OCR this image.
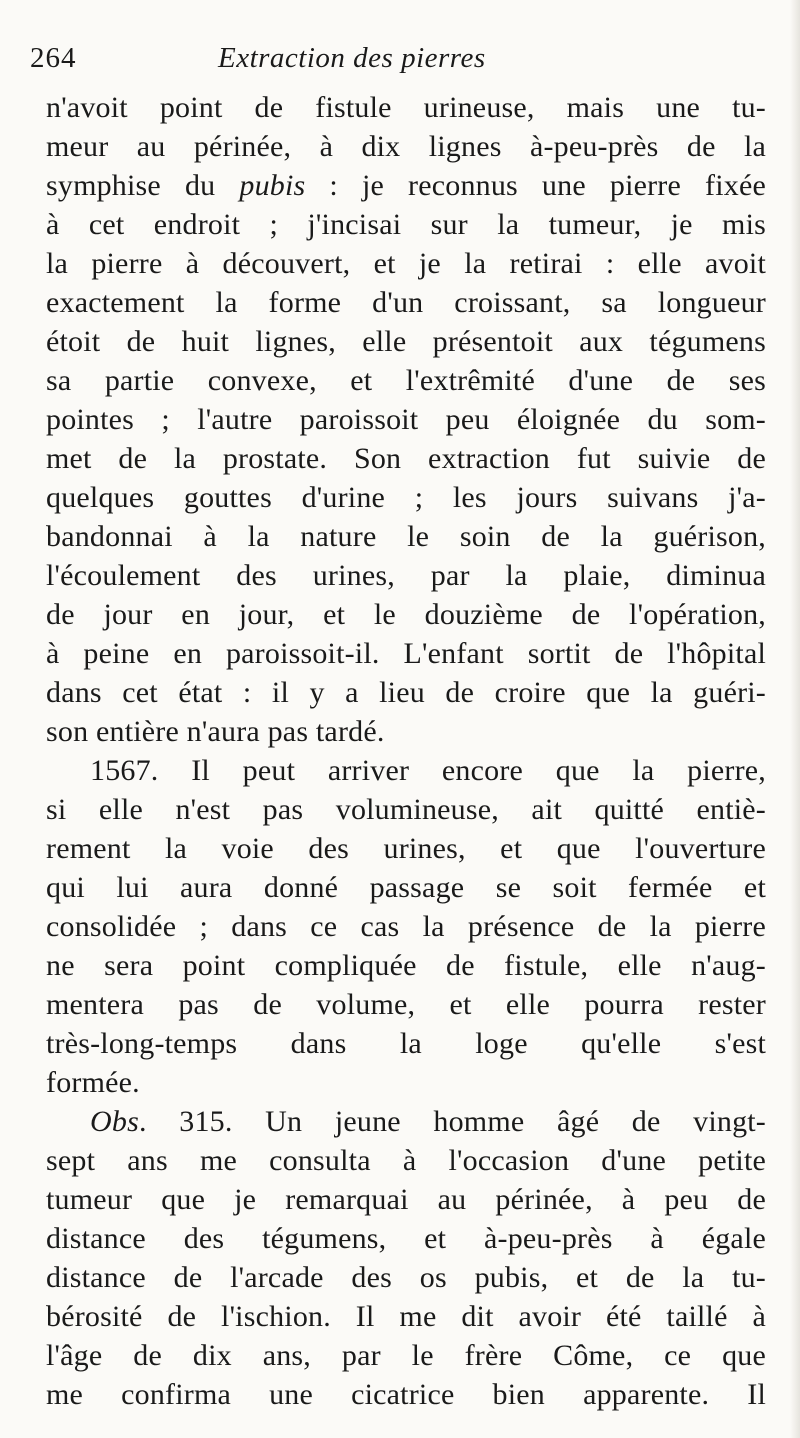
264	Extraction des pierres
n'avoit point de fistule urineuse, mais une tu-
meur au périnée, à dix lignes à-peu-près de la
symphise du pubis : je reconnus une pierre fixée
à cet endroit ; j'incisai sur la tumeur, je mis
la pierre à découvert, et je la retirai : elle avoit
exactement la forme d'un croissant, sa longueur
étoit de huit lignes, elle présentoit aux tégumens
sa partie convexe, et l'extrêmité d'une de ses
pointes ; l'autre paroissoit peu éloignée du som-
met de la prostate. Son extraction fut suivie de
quelques gouttes d'urine ; les jours suivans j'a-
bandonnai à la nature le soin de la guérison,
l'écoulement des urines, par la plaie, diminua
de jour en jour, et le douzième de l'opération,
à peine en paroissoit-il. L'enfant sortit de l'hôpital
dans cet état : il y a lieu de croire que la guéri-
son entière n'aura pas tardé.
1567. Il peut arriver encore que la pierre,
si elle n'est pas volumineuse, ait quitté entiè-
rement la voie des urines, et que l'ouverture
qui lui aura donné passage se soit fermée et
consolidée ; dans ce cas la présence de la pierre
ne sera point compliquée de fistule, elle n'aug-
mentera pas de volume, et elle pourra rester
très-long-temps dans la loge qu'elle s'est
formée.
Obs. 315. Un jeune homme âgé de vingt-
sept ans me consulta à l'occasion d'une petite
tumeur que je remarquai au périnée, à peu de
distance des tégumens, et à-peu-près à égale
distance de l'arcade des os pubis, et de la tu-
bérosité de l'ischion. Il me dit avoir été taillé à
l'âge de dix ans, par le frère Côme, ce que
me confirma une cicatrice bien apparente. Il
